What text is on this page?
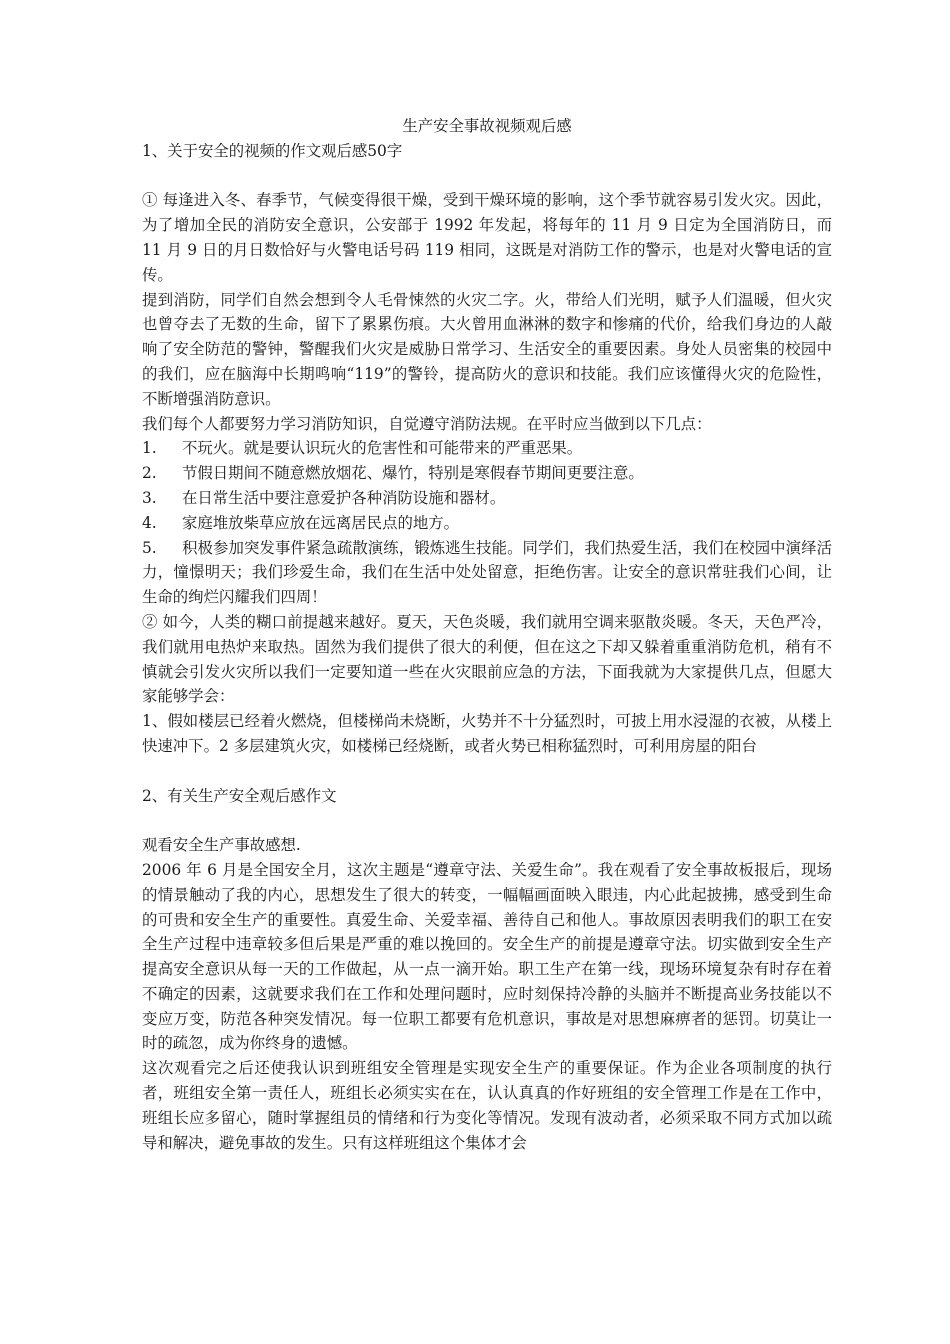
生产安全事故视频观后感

1、关于安全的视频的作文观后感50字

① 每逢进入冬、春季节，气候变得很干燥，受到干燥环境的影响，这个季节就容易引发火灾。因此，为了增加全民的消防安全意识，公安部于 1992 年发起，将每年的 11 月 9 日定为全国消防日，而 11 月 9 日的月日数恰好与火警电话号码 119 相同，这既是对消防工作的警示，也是对火警电话的宣传。

提到消防，同学们自然会想到令人毛骨悚然的火灾二字。火，带给人们光明，赋予人们温暖，但火灾也曾夺去了无数的生命，留下了累累伤痕。大火曾用血淋淋的数字和惨痛的代价，给我们身边的人敲响了安全防范的警钟，警醒我们火灾是威胁日常学习、生活安全的重要因素。身处人员密集的校园中的我们，应在脑海中长期鸣响“119”的警铃，提高防火的意识和技能。我们应该懂得火灾的危险性，不断增强消防意识。

我们每个人都要努力学习消防知识，自觉遵守消防法规。在平时应当做到以下几点：

1.	不玩火。就是要认识玩火的危害性和可能带来的严重恶果。
2.	节假日期间不随意燃放烟花、爆竹，特别是寒假春节期间更要注意。
3.	在日常生活中要注意爱护各种消防设施和器材。
4.	家庭堆放柴草应放在远离居民点的地方。
5. 积极参加突发事件紧急疏散演练，锻炼逃生技能。同学们，我们热爱生活，我们在校园中演绎活力，憧憬明天；我们珍爱生命，我们在生活中处处留意，拒绝伤害。让安全的意识常驻我们心间，让生命的绚烂闪耀我们四周！

② 如今，人类的糊口前提越来越好。夏天，天色炎暖，我们就用空调来驱散炎暖。冬天，天色严冷，我们就用电热炉来取热。固然为我们提供了很大的利便，但在这之下却又躲着重重消防危机，稍有不慎就会引发火灾所以我们一定要知道一些在火灾眼前应急的方法，下面我就为大家提供几点，但愿大家能够学会：

1、假如楼层已经着火燃烧，但楼梯尚未烧断，火势并不十分猛烈时，可披上用水浸湿的衣被，从楼上快速冲下。2 多层建筑火灾，如楼梯已经烧断，或者火势已相称猛烈时，可利用房屋的阳台

2、有关生产安全观后感作文

观看安全生产事故感想.

2006 年 6 月是全国安全月，这次主题是“遵章守法、关爱生命”。我在观看了安全事故板报后，现场的情景触动了我的内心，思想发生了很大的转变，一幅幅画面映入眼违，内心此起披拂，感受到生命的可贵和安全生产的重要性。真爱生命、关爱幸福、善待自己和他人。事故原因表明我们的职工在安全生产过程中违章较多但后果是严重的难以挽回的。安全生产的前提是遵章守法。切实做到安全生产提高安全意识从每一天的工作做起，从一点一滴开始。职工生产在第一线，现场环境复杂有时存在着不确定的因素，这就要求我们在工作和处理问题时，应时刻保持冷静的头脑并不断提高业务技能以不变应万变，防范各种突发情况。每一位职工都要有危机意识，事故是对思想麻痹者的惩罚。切莫让一时的疏忽，成为你终身的遗憾。

这次观看完之后还使我认识到班组安全管理是实现安全生产的重要保证。作为企业各项制度的执行者，班组安全第一责任人，班组长必须实实在在，认认真真的作好班组的安全管理工作是在工作中，班组长应多留心，随时掌握组员的情绪和行为变化等情况。发现有波动者，必须采取不同方式加以疏导和解决，避免事故的发生。只有这样班组这个集体才会
